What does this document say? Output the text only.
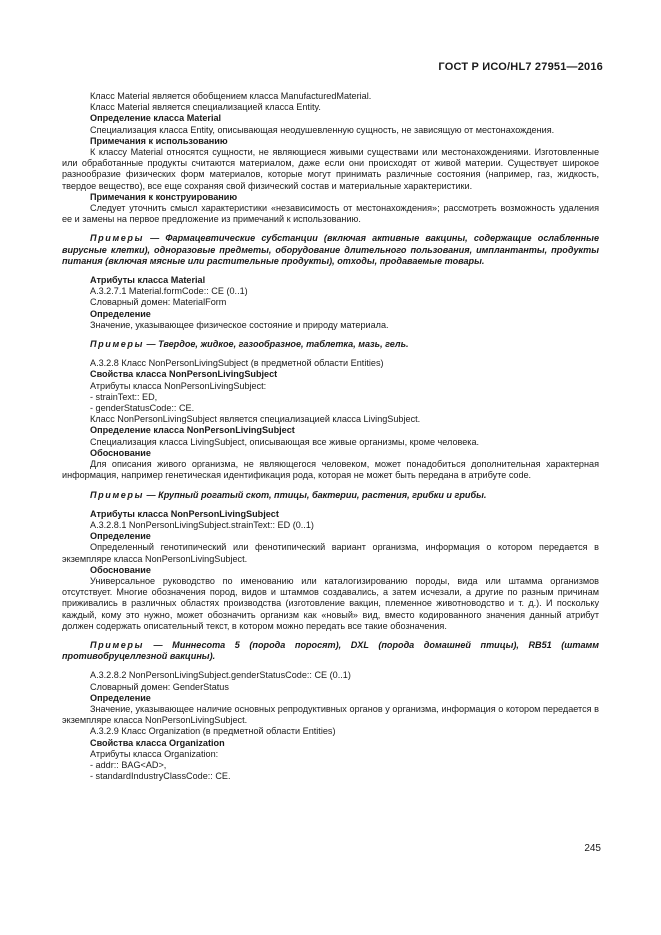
ГОСТ Р ИСО/HL7 27951—2016

Класс Material является обобщением класса ManufacturedMaterial.

Класс Material является специализацией класса Entity.

Определение класса Material

Специализация класса Entity, описывающая неодушевленную сущность, не зависящую от местонахождения.

Примечания к использованию

К классу Material относятся сущности, не являющиеся живыми существами или местонахождениями. Изготовленные или обработанные продукты считаются материалом, даже если они происходят от живой материи. Существует широкое разнообразие физических форм материалов, которые могут принимать различные состояния (например, газ, жидкость, твердое вещество), все еще сохраняя свой физический состав и материальные характеристики.

Примечания к конструированию

Следует уточнить смысл характеристики «независимость от местонахождения»; рассмотреть возможность удаления ее и замены на первое предложение из примечаний к использованию.

Примеры — Фармацевтические субстанции (включая активные вакцины, содержащие ослабленные вирусные клетки), одноразовые предметы, оборудование длительного пользования, имплантанты, продукты питания (включая мясные или растительные продукты), отходы, продаваемые товары.

Атрибуты класса Material

A.3.2.7.1 Material.formCode:: CE (0..1)

Словарный домен: MaterialForm

Определение

Значение, указывающее физическое состояние и природу материала.

Примеры — Твердое, жидкое, газообразное, таблетка, мазь, гель.

A.3.2.8 Класс NonPersonLivingSubject (в предметной области Entities)

Свойства класса NonPersonLivingSubject

Атрибуты класса NonPersonLivingSubject:

- strainText:: ED,

- genderStatusCode:: CE.

Класс NonPersonLivingSubject является специализацией класса LivingSubject.

Определение класса NonPersonLivingSubject

Специализация класса LivingSubject, описывающая все живые организмы, кроме человека.

Обоснование

Для описания живого организма, не являющегося человеком, может понадобиться дополнительная характерная информация, например генетическая идентификация рода, которая не может быть передана в атрибуте code.

Примеры — Крупный рогатый скот, птицы, бактерии, растения, грибки и грибы.

Атрибуты класса NonPersonLivingSubject

A.3.2.8.1 NonPersonLivingSubject.strainText:: ED (0..1)

Определение

Определенный генотипический или фенотипический вариант организма, информация о котором передается в экземпляре класса NonPersonLivingSubject.

Обоснование

Универсальное руководство по именованию или каталогизированию породы, вида или штамма организмов отсутствует. Многие обозначения пород, видов и штаммов создавались, а затем исчезали, а другие по разным причинам приживались в различных областях производства (изготовление вакцин, племенное животноводство и т. д.). И поскольку каждый, кому это нужно, может обозначить организм как «новый» вид, вместо кодированного значения данный атрибут должен содержать описательный текст, в котором можно передать все такие обозначения.

Примеры — Миннесота 5 (порода поросят), DXL (порода домашней птицы), RB51 (штамм противобруцеллезной вакцины).

A.3.2.8.2 NonPersonLivingSubject.genderStatusCode:: CE (0..1)

Словарный домен: GenderStatus

Определение

Значение, указывающее наличие основных репродуктивных органов у организма, информация о котором передается в экземпляре класса NonPersonLivingSubject.

A.3.2.9 Класс Organization (в предметной области Entities)

Свойства класса Organization

Атрибуты класса Organization:

- addr:: BAG<AD>,

- standardIndustryClassCode:: CE.

245
